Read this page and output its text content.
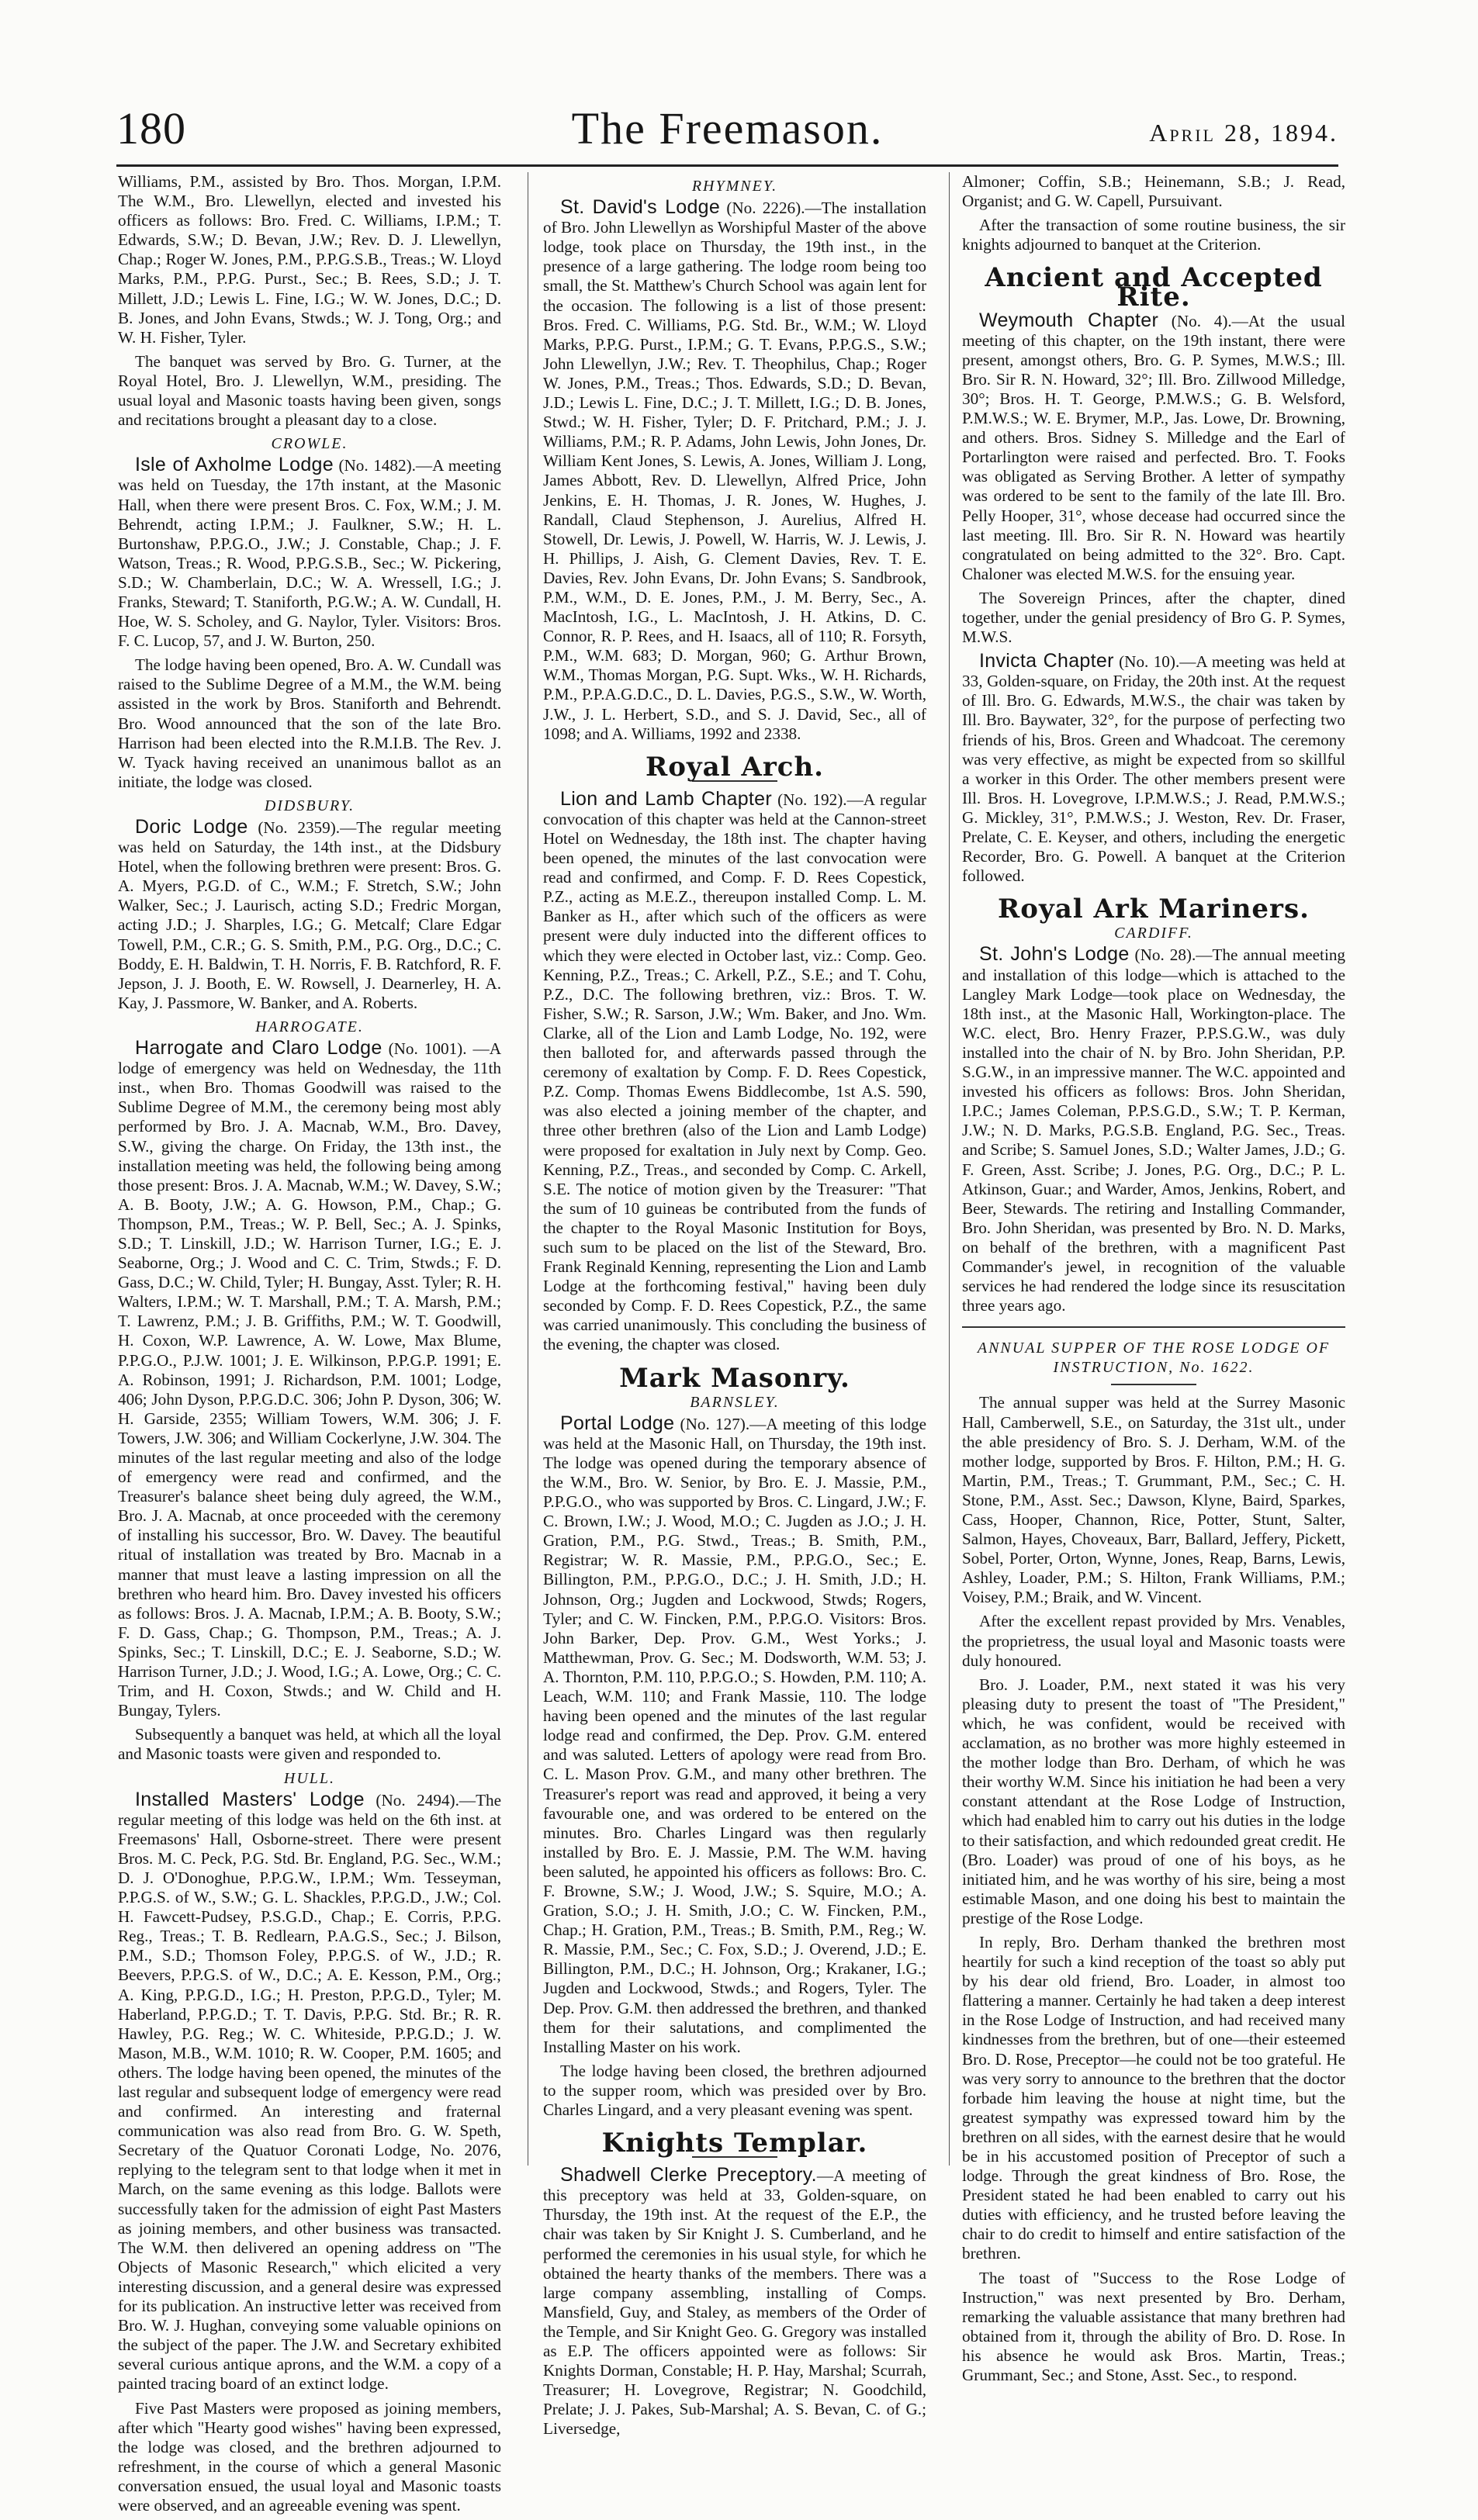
180	The Freemason.	April 28, 1894.

Williams, P.M., assisted by Bro. Thos. Morgan, I.P.M. The W.M., Bro. Llewellyn, elected and invested his officers as follows: Bro. Fred. C. Williams, I.P.M.; T. Edwards, S.W.; D. Bevan, J.W.; Rev. D. J. Llewellyn, Chap.; Roger W. Jones, P.M., P.P.G.S.B., Treas.; W. Lloyd Marks, P.M., P.P.G. Purst., Sec.; B. Rees, S.D.; J. T. Millett, J.D.; Lewis L. Fine, I.G.; W. W. Jones, D.C.; D. B. Jones, and John Evans, Stwds.; W. J. Tong, Org.; and W. H. Fisher, Tyler.

The banquet was served by Bro. G. Turner, at the Royal Hotel, Bro. J. Llewellyn, W.M., presiding. The usual loyal and Masonic toasts having been given, songs and recitations brought a pleasant day to a close.

CROWLE.

Isle of Axholme Lodge (No. 1482).—A meeting was held on Tuesday, the 17th instant, at the Masonic Hall, when there were present Bros. C. Fox, W.M.; J. M. Behrendt, acting I.P.M.; J. Faulkner, S.W.; H. L. Burtonshaw, P.P.G.O., J.W.; J. Constable, Chap.; J. F. Watson, Treas.; R. Wood, P.P.G.S.B., Sec.; W. Pickering, S.D.; W. Chamberlain, D.C.; W. A. Wressell, I.G.; J. Franks, Steward; T. Staniforth, P.G.W.; A. W. Cundall, H. Hoe, W. S. Scholey, and G. Naylor, Tyler. Visitors: Bros. F. C. Lucop, 57, and J. W. Burton, 250.

The lodge having been opened, Bro. A. W. Cundall was raised to the Sublime Degree of a M.M., the W.M. being assisted in the work by Bros. Staniforth and Behrendt. Bro. Wood announced that the son of the late Bro. Harrison had been elected into the R.M.I.B. The Rev. J. W. Tyack having received an unanimous ballot as an initiate, the lodge was closed.

DIDSBURY.

Doric Lodge (No. 2359).—The regular meeting was held on Saturday, the 14th inst., at the Didsbury Hotel, when the following brethren were present: Bros. G. A. Myers, P.G.D. of C., W.M.; F. Stretch, S.W.; John Walker, Sec.; J. Laurisch, acting S.D.; Fredric Morgan, acting J.D.; J. Sharples, I.G.; G. Metcalf; Clare Edgar Towell, P.M., C.R.; G. S. Smith, P.M., P.G. Org., D.C.; C. Boddy, E. H. Baldwin, T. H. Norris, F. B. Ratchford, R. F. Jepson, J. J. Booth, E. W. Rowsell, J. Dearnerley, H. A. Kay, J. Passmore, W. Banker, and A. Roberts.

HARROGATE.

Harrogate and Claro Lodge (No. 1001). —A lodge of emergency was held on Wednesday, the 11th inst., when Bro. Thomas Goodwill was raised to the Sublime Degree of M.M., the ceremony being most ably performed by Bro. J. A. Macnab, W.M., Bro. Davey, S.W., giving the charge. On Friday, the 13th inst., the installation meeting was held, the following being among those present: Bros. J. A. Macnab, W.M.; W. Davey, S.W.; A. B. Booty, J.W.; A. G. Howson, P.M., Chap.; G. Thompson, P.M., Treas.; W. P. Bell, Sec.; A. J. Spinks, S.D.; T. Linskill, J.D.; W. Harrison Turner, I.G.; E. J. Seaborne, Org.; J. Wood and C. C. Trim, Stwds.; F. D. Gass, D.C.; W. Child, Tyler; H. Bungay, Asst. Tyler; R. H. Walters, I.P.M.; W. T. Marshall, P.M.; T. A. Marsh, P.M.; T. Lawrenz, P.M.; J. B. Griffiths, P.M.; W. T. Goodwill, H. Coxon, W.P. Lawrence, A. W. Lowe, Max Blume, P.P.G.O., P.J.W. 1001; J. E. Wilkinson, P.P.G.P. 1991; E. A. Robinson, 1991; J. Richardson, P.M. 1001; Lodge, 406; John Dyson, P.P.G.D.C. 306; John P. Dyson, 306; W. H. Garside, 2355; William Towers, W.M. 306; J. F. Towers, J.W. 306; and William Cockerlyne, J.W. 304. The minutes of the last regular meeting and also of the lodge of emergency were read and confirmed, and the Treasurer's balance sheet being duly agreed, the W.M., Bro. J. A. Macnab, at once proceeded with the ceremony of installing his successor, Bro. W. Davey. The beautiful ritual of installation was treated by Bro. Macnab in a manner that must leave a lasting impression on all the brethren who heard him. Bro. Davey invested his officers as follows: Bros. J. A. Macnab, I.P.M.; A. B. Booty, S.W.; F. D. Gass, Chap.; G. Thompson, P.M., Treas.; A. J. Spinks, Sec.; T. Linskill, D.C.; E. J. Seaborne, S.D.; W. Harrison Turner, J.D.; J. Wood, I.G.; A. Lowe, Org.; C. C. Trim, and H. Coxon, Stwds.; and W. Child and H. Bungay, Tylers.

Subsequently a banquet was held, at which all the loyal and Masonic toasts were given and responded to.

HULL.

Installed Masters' Lodge (No. 2494).—The regular meeting of this lodge was held on the 6th inst. at Freemasons' Hall, Osborne-street. There were present Bros. M. C. Peck, P.G. Std. Br. England, P.G. Sec., W.M.; D. J. O'Donoghue, P.P.G.W., I.P.M.; Wm. Tesseyman, P.P.G.S. of W., S.W.; G. L. Shackles, P.P.G.D., J.W.; Col. H. Fawcett-Pudsey, P.S.G.D., Chap.; E. Corris, P.P.G. Reg., Treas.; T. B. Redlearn, P.A.G.S., Sec.; J. Bilson, P.M., S.D.; Thomson Foley, P.P.G.S. of W., J.D.; R. Beevers, P.P.G.S. of W., D.C.; A. E. Kesson, P.M., Org.; A. King, P.P.G.D., I.G.; H. Preston, P.P.G.D., Tyler; M. Haberland, P.P.G.D.; T. T. Davis, P.P.G. Std. Br.; R. R. Hawley, P.G. Reg.; W. C. Whiteside, P.P.G.D.; J. W. Mason, M.B., W.M. 1010; R. W. Cooper, P.M. 1605; and others. The lodge having been opened, the minutes of the last regular and subsequent lodge of emergency were read and confirmed. An interesting and fraternal communication was also read from Bro. G. W. Speth, Secretary of the Quatuor Coronati Lodge, No. 2076, replying to the telegram sent to that lodge when it met in March, on the same evening as this lodge. Ballots were successfully taken for the admission of eight Past Masters as joining members, and other business was transacted. The W.M. then delivered an opening address on "The Objects of Masonic Research," which elicited a very interesting discussion, and a general desire was expressed for its publication. An instructive letter was received from Bro. W. J. Hughan, conveying some valuable opinions on the subject of the paper. The J.W. and Secretary exhibited several curious antique aprons, and the W.M. a copy of a painted tracing board of an extinct lodge.

Five Past Masters were proposed as joining members, after which "Hearty good wishes" having been expressed, the lodge was closed, and the brethren adjourned to refreshment, in the course of which a general Masonic conversation ensued, the usual loyal and Masonic toasts were observed, and an agreeable evening was spent.

RHYMNEY.

St. David's Lodge (No. 2226).—The installation of Bro. John Llewellyn as Worshipful Master of the above lodge, took place on Thursday, the 19th inst., in the presence of a large gathering. The lodge room being too small, the St. Matthew's Church School was again lent for the occasion. The following is a list of those present: Bros. Fred. C. Williams, P.G. Std. Br., W.M.; W. Lloyd Marks, P.P.G. Purst., I.P.M.; G. T. Evans, P.P.G.S., S.W.; John Llewellyn, J.W.; Rev. T. Theophilus, Chap.; Roger W. Jones, P.M., Treas.; Thos. Edwards, S.D.; D. Bevan, J.D.; Lewis L. Fine, D.C.; J. T. Millett, I.G.; D. B. Jones, Stwd.; W. H. Fisher, Tyler; D. F. Pritchard, P.M.; J. J. Williams, P.M.; R. P. Adams, John Lewis, John Jones, Dr. William Kent Jones, S. Lewis, A. Jones, William J. Long, James Abbott, Rev. D. Llewellyn, Alfred Price, John Jenkins, E. H. Thomas, J. R. Jones, W. Hughes, J. Randall, Claud Stephenson, J. Aurelius, Alfred H. Stowell, Dr. Lewis, J. Powell, W. Harris, W. J. Lewis, J. H. Phillips, J. Aish, G. Clement Davies, Rev. T. E. Davies, Rev. John Evans, Dr. John Evans; S. Sandbrook, P.M., W.M., D. E. Jones, P.M., J. M. Berry, Sec., A. MacIntosh, I.G., L. MacIntosh, J. H. Atkins, D. C. Connor, R. P. Rees, and H. Isaacs, all of 110; R. Forsyth, P.M., W.M. 683; D. Morgan, 960; G. Arthur Brown, W.M., Thomas Morgan, P.G. Supt. Wks., W. H. Richards, P.M., P.P.A.G.D.C., D. L. Davies, P.G.S., S.W., W. Worth, J.W., J. L. Herbert, S.D., and S. J. David, Sec., all of 1098; and A. Williams, 1992 and 2338.

Royal Arch.

Lion and Lamb Chapter (No. 192).—A regular convocation of this chapter was held at the Cannon-street Hotel on Wednesday, the 18th inst. The chapter having been opened, the minutes of the last convocation were read and confirmed, and Comp. F. D. Rees Copestick, P.Z., acting as M.E.Z., thereupon installed Comp. L. M. Banker as H., after which such of the officers as were present were duly inducted into the different offices to which they were elected in October last, viz.: Comp. Geo. Kenning, P.Z., Treas.; C. Arkell, P.Z., S.E.; and T. Cohu, P.Z., D.C. The following brethren, viz.: Bros. T. W. Fisher, S.W.; R. Sarson, J.W.; Wm. Baker, and Jno. Wm. Clarke, all of the Lion and Lamb Lodge, No. 192, were then balloted for, and afterwards passed through the ceremony of exaltation by Comp. F. D. Rees Copestick, P.Z. Comp. Thomas Ewens Biddlecombe, 1st A.S. 590, was also elected a joining member of the chapter, and three other brethren (also of the Lion and Lamb Lodge) were proposed for exaltation in July next by Comp. Geo. Kenning, P.Z., Treas., and seconded by Comp. C. Arkell, S.E. The notice of motion given by the Treasurer: "That the sum of 10 guineas be contributed from the funds of the chapter to the Royal Masonic Institution for Boys, such sum to be placed on the list of the Steward, Bro. Frank Reginald Kenning, representing the Lion and Lamb Lodge at the forthcoming festival," having been duly seconded by Comp. F. D. Rees Copestick, P.Z., the same was carried unanimously. This concluding the business of the evening, the chapter was closed.

Mark Masonry.
BARNSLEY.

Portal Lodge (No. 127).—A meeting of this lodge was held at the Masonic Hall, on Thursday, the 19th inst. The lodge was opened during the temporary absence of the W.M., Bro. W. Senior, by Bro. E. J. Massie, P.M., P.P.G.O., who was supported by Bros. C. Lingard, J.W.; F. C. Brown, I.W.; J. Wood, M.O.; C. Jugden as J.O.; J. H. Gration, P.M., P.G. Stwd., Treas.; B. Smith, P.M., Registrar; W. R. Massie, P.M., P.P.G.O., Sec.; E. Billington, P.M., P.P.G.O., D.C.; J. H. Smith, J.D.; H. Johnson, Org.; Jugden and Lockwood, Stwds; Rogers, Tyler; and C. W. Fincken, P.M., P.P.G.O. Visitors: Bros. John Barker, Dep. Prov. G.M., West Yorks.; J. Matthewman, Prov. G. Sec.; M. Dodsworth, W.M. 53; J. A. Thornton, P.M. 110, P.P.G.O.; S. Howden, P.M. 110; A. Leach, W.M. 110; and Frank Massie, 110. The lodge having been opened and the minutes of the last regular lodge read and confirmed, the Dep. Prov. G.M. entered and was saluted. Letters of apology were read from Bro. C. L. Mason Prov. G.M., and many other brethren. The Treasurer's report was read and approved, it being a very favourable one, and was ordered to be entered on the minutes. Bro. Charles Lingard was then regularly installed by Bro. E. J. Massie, P.M. The W.M. having been saluted, he appointed his officers as follows: Bro. C. F. Browne, S.W.; J. Wood, J.W.; S. Squire, M.O.; A. Gration, S.O.; J. H. Smith, J.O.; C. W. Fincken, P.M., Chap.; H. Gration, P.M., Treas.; B. Smith, P.M., Reg.; W. R. Massie, P.M., Sec.; C. Fox, S.D.; J. Overend, J.D.; E. Billington, P.M., D.C.; H. Johnson, Org.; Krakaner, I.G.; Jugden and Lockwood, Stwds.; and Rogers, Tyler. The Dep. Prov. G.M. then addressed the brethren, and thanked them for their salutations, and complimented the Installing Master on his work.

The lodge having been closed, the brethren adjourned to the supper room, which was presided over by Bro. Charles Lingard, and a very pleasant evening was spent.

Knights Templar.

Shadwell Clerke Preceptory.—A meeting of this preceptory was held at 33, Golden-square, on Thursday, the 19th inst. At the request of the E.P., the chair was taken by Sir Knight J. S. Cumberland, and he performed the ceremonies in his usual style, for which he obtained the hearty thanks of the members. There was a large company assembling, installing of Comps. Mansfield, Guy, and Staley, as members of the Order of the Temple, and Sir Knight Geo. G. Gregory was installed as E.P. The officers appointed were as follows: Sir Knights Dorman, Constable; H. P. Hay, Marshal; Scurrah, Treasurer; H. Lovegrove, Registrar; N. Goodchild, Prelate; J. J. Pakes, Sub-Marshal; A. S. Bevan, C. of G.; Liversedge,

Almoner; Coffin, S.B.; Heinemann, S.B.; J. Read, Organist; and G. W. Capell, Pursuivant.

After the transaction of some routine business, the sir knights adjourned to banquet at the Criterion.

Ancient and Accepted Rite.

Weymouth Chapter (No. 4).—At the usual meeting of this chapter, on the 19th instant, there were present, amongst others, Bro. G. P. Symes, M.W.S.; Ill. Bro. Sir R. N. Howard, 32°; Ill. Bro. Zillwood Milledge, 30°; Bros. H. T. George, P.M.W.S.; G. B. Welsford, P.M.W.S.; W. E. Brymer, M.P., Jas. Lowe, Dr. Browning, and others. Bros. Sidney S. Milledge and the Earl of Portarlington were raised and perfected. Bro. T. Fooks was obligated as Serving Brother. A letter of sympathy was ordered to be sent to the family of the late Ill. Bro. Pelly Hooper, 31°, whose decease had occurred since the last meeting. Ill. Bro. Sir R. N. Howard was heartily congratulated on being admitted to the 32°. Bro. Capt. Chaloner was elected M.W.S. for the ensuing year.

The Sovereign Princes, after the chapter, dined together, under the genial presidency of Bro G. P. Symes, M.W.S.

Invicta Chapter (No. 10).—A meeting was held at 33, Golden-square, on Friday, the 20th inst. At the request of Ill. Bro. G. Edwards, M.W.S., the chair was taken by Ill. Bro. Baywater, 32°, for the purpose of perfecting two friends of his, Bros. Green and Whadcoat. The ceremony was very effective, as might be expected from so skillful a worker in this Order. The other members present were Ill. Bros. H. Lovegrove, I.P.M.W.S.; J. Read, P.M.W.S.; G. Mickley, 31°, P.M.W.S.; J. Weston, Rev. Dr. Fraser, Prelate, C. E. Keyser, and others, including the energetic Recorder, Bro. G. Powell. A banquet at the Criterion followed.

Royal Ark Mariners.
CARDIFF.

St. John's Lodge (No. 28).—The annual meeting and installation of this lodge—which is attached to the Langley Mark Lodge—took place on Wednesday, the 18th inst., at the Masonic Hall, Workington-place. The W.C. elect, Bro. Henry Frazer, P.P.S.G.W., was duly installed into the chair of N. by Bro. John Sheridan, P.P. S.G.W., in an impressive manner. The W.C. appointed and invested his officers as follows: Bros. John Sheridan, I.P.C.; James Coleman, P.P.S.G.D., S.W.; T. P. Kerman, J.W.; N. D. Marks, P.G.S.B. England, P.G. Sec., Treas. and Scribe; S. Samuel Jones, S.D.; Walter James, J.D.; G. F. Green, Asst. Scribe; J. Jones, P.G. Org., D.C.; P. L. Atkinson, Guar.; and Warder, Amos, Jenkins, Robert, and Beer, Stewards. The retiring and Installing Commander, Bro. John Sheridan, was presented by Bro. N. D. Marks, on behalf of the brethren, with a magnificent Past Commander's jewel, in recognition of the valuable services he had rendered the lodge since its resuscitation three years ago.

ANNUAL SUPPER OF THE ROSE LODGE OF INSTRUCTION, No. 1622.

The annual supper was held at the Surrey Masonic Hall, Camberwell, S.E., on Saturday, the 31st ult., under the able presidency of Bro. S. J. Derham, W.M. of the mother lodge, supported by Bros. F. Hilton, P.M.; H. G. Martin, P.M., Treas.; T. Grummant, P.M., Sec.; C. H. Stone, P.M., Asst. Sec.; Dawson, Klyne, Baird, Sparkes, Cass, Hooper, Channon, Rice, Potter, Stunt, Salter, Salmon, Hayes, Choveaux, Barr, Ballard, Jeffery, Pickett, Sobel, Porter, Orton, Wynne, Jones, Reap, Barns, Lewis, Ashley, Loader, P.M.; S. Hilton, Frank Williams, P.M.; Voisey, P.M.; Braik, and W. Vincent.

After the excellent repast provided by Mrs. Venables, the proprietress, the usual loyal and Masonic toasts were duly honoured.

Bro. J. Loader, P.M., next stated it was his very pleasing duty to present the toast of "The President," which, he was confident, would be received with acclamation, as no brother was more highly esteemed in the mother lodge than Bro. Derham, of which he was their worthy W.M. Since his initiation he had been a very constant attendant at the Rose Lodge of Instruction, which had enabled him to carry out his duties in the lodge to their satisfaction, and which redounded great credit. He (Bro. Loader) was proud of one of his boys, as he initiated him, and he was worthy of his sire, being a most estimable Mason, and one doing his best to maintain the prestige of the Rose Lodge.

In reply, Bro. Derham thanked the brethren most heartily for such a kind reception of the toast so ably put by his dear old friend, Bro. Loader, in almost too flattering a manner. Certainly he had taken a deep interest in the Rose Lodge of Instruction, and had received many kindnesses from the brethren, but of one—their esteemed Bro. D. Rose, Preceptor—he could not be too grateful. He was very sorry to announce to the brethren that the doctor forbade him leaving the house at night time, but the greatest sympathy was expressed toward him by the brethren on all sides, with the earnest desire that he would be in his accustomed position of Preceptor of such a lodge. Through the great kindness of Bro. Rose, the President stated he had been enabled to carry out his duties with efficiency, and he trusted before leaving the chair to do credit to himself and entire satisfaction of the brethren.

The toast of "Success to the Rose Lodge of Instruction," was next presented by Bro. Derham, remarking the valuable assistance that many brethren had obtained from it, through the ability of Bro. D. Rose. In his absence he would ask Bros. Martin, Treas.; Grummant, Sec.; and Stone, Asst. Sec., to respond.
